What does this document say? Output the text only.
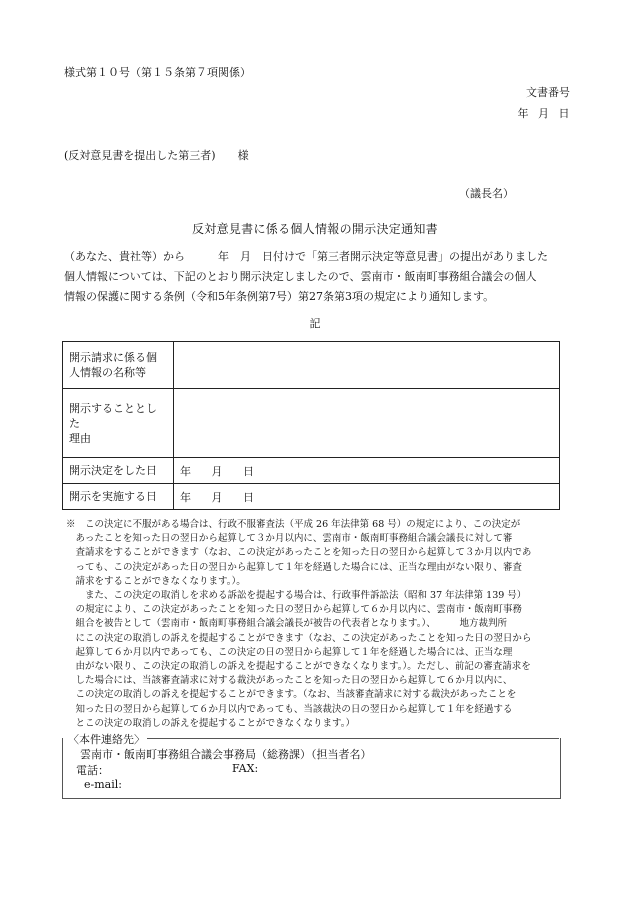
様式第１０号（第１５条第７項関係）
文書番号
年 月 日
(反対意見書を提出した第三者) 様
（議長名）
反対意見書に係る個人情報の開示決定通知書
（あなた、貴社等）から　　　年　月　日付けで「第三者開示決定等意見書」の提出がありました
個人情報については、下記のとおり開示決定しましたので、雲南市・飯南町事務組合議会の個人
情報の保護に関する条例（令和5年条例第7号）第27条第3項の規定により通知します。
記
開示請求に係る個
人情報の名称等	
開示することとした
理由	
開示決定をした日	年 月 日
開示を実施する日	年 月 日
※　この決定に不服がある場合は、行政不服審査法（平成 26 年法律第 68 号）の規定により、この決定が
　あったことを知った日の翌日から起算して３か月以内に、雲南市・飯南町事務組合議会議長に対して審
　査請求をすることができます（なお、この決定があったことを知った日の翌日から起算して３か月以内であ
　っても、この決定があった日の翌日から起算して１年を経過した場合には、正当な理由がない限り、審査
　請求をすることができなくなります。）。
　　また、この決定の取消しを求める訴訟を提起する場合は、行政事件訴訟法（昭和 37 年法律第 139 号）
　の規定により、この決定があったことを知った日の翌日から起算して６か月以内に、雲南市・飯南町事務
　組合を被告として（雲南市・飯南町事務組合議会議長が被告の代表者となります。）、　　　地方裁判所
　にこの決定の取消しの訴えを提起することができます（なお、この決定があったことを知った日の翌日から
　起算して６か月以内であっても、この決定の日の翌日から起算して１年を経過した場合には、正当な理
　由がない限り、この決定の取消しの訴えを提起することができなくなります。）。ただし、前記の審査請求を
　した場合には、当該審査請求に対する裁決があったことを知った日の翌日から起算して６か月以内に、
　この決定の取消しの訴えを提起することができます。（なお、当該審査請求に対する裁決があったことを
　知った日の翌日から起算して６か月以内であっても、当該裁決の日の翌日から起算して１年を経過する
　とこの決定の取消しの訴えを提起することができなくなります。）
〈本件連絡先〉
雲南市・飯南町事務組合議会事務局（総務課）（担当者名）
電話：	FAX:
e-mail:
